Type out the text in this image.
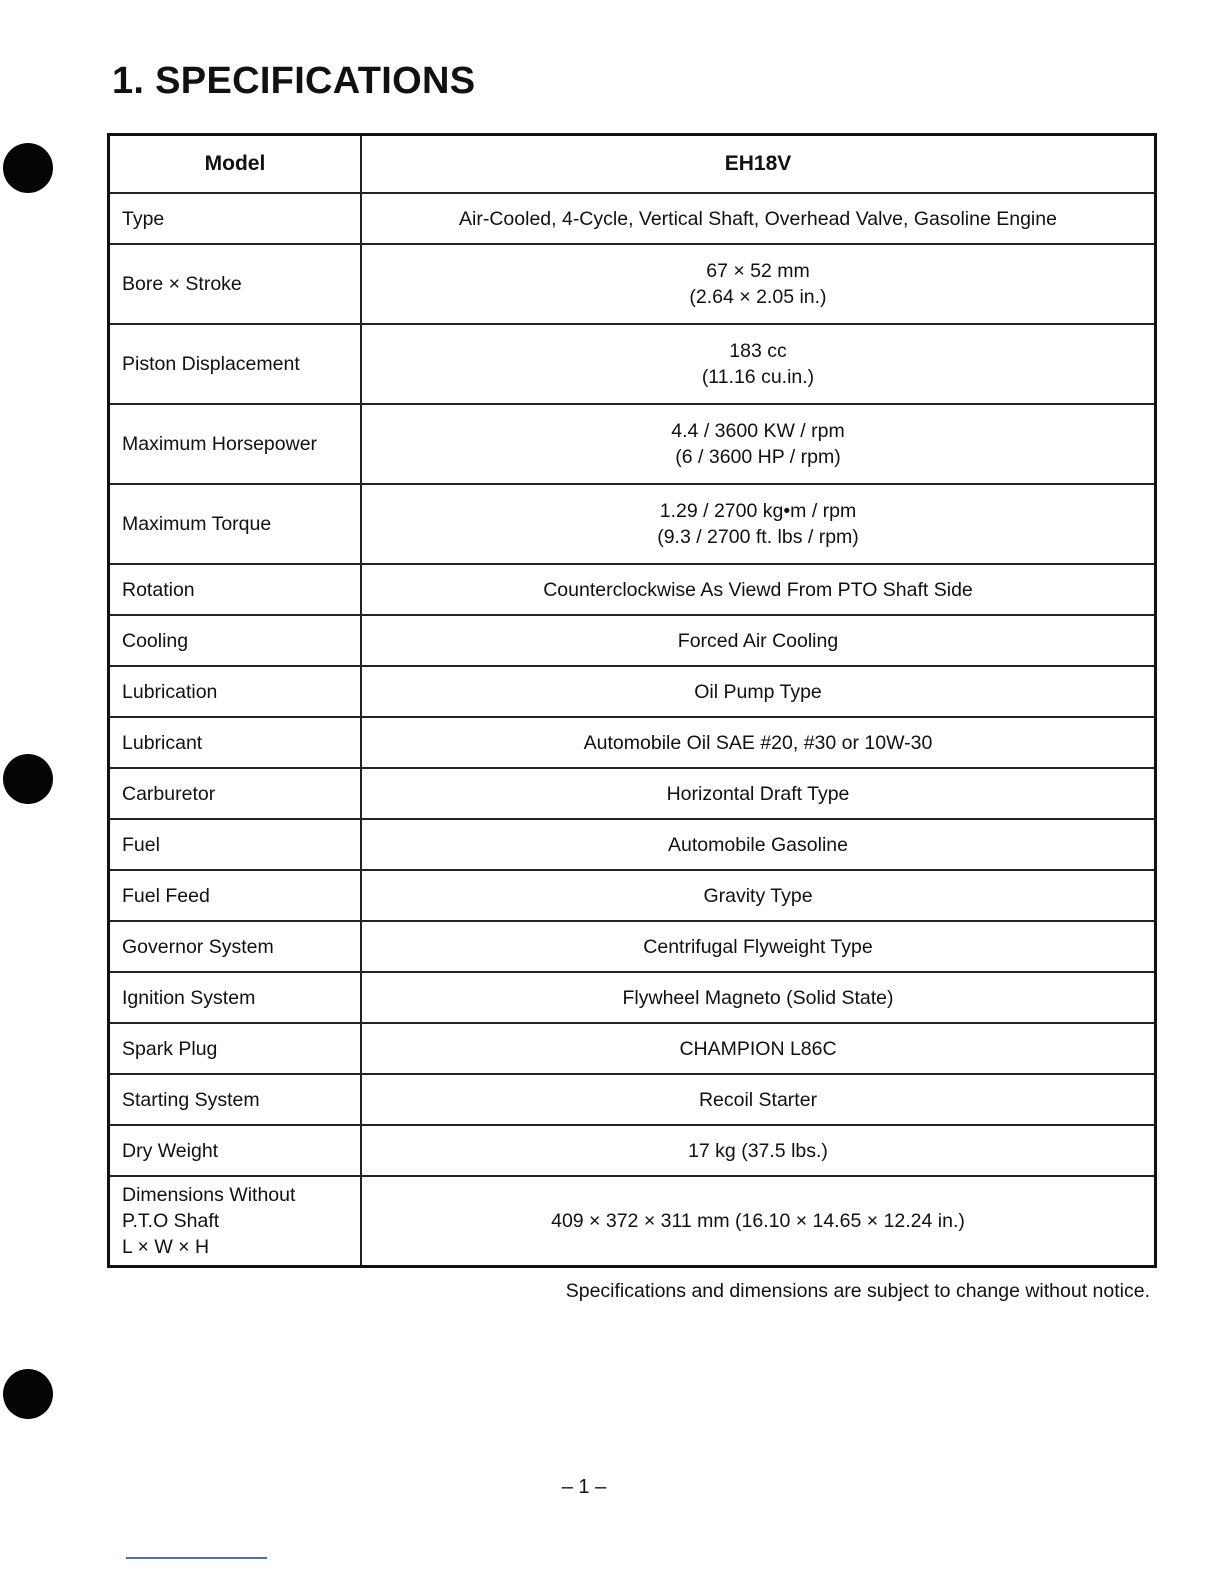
1. SPECIFICATIONS
Model	EH18V

Type	Air-Cooled, 4-Cycle, Vertical Shaft, Overhead Valve, Gasoline Engine

Bore × Stroke	67 × 52 mm
(2.64 × 2.05 in.)

Piston Displacement	183 cc
(11.16 cu.in.)

Maximum Horsepower	4.4 / 3600 KW / rpm
(6 / 3600 HP / rpm)

Maximum Torque	1.29 / 2700 kg•m / rpm
(9.3 / 2700 ft. lbs / rpm)

Rotation	Counterclockwise As Viewd From PTO Shaft Side

Cooling	Forced Air Cooling

Lubrication	Oil Pump Type

Lubricant	Automobile Oil SAE #20, #30 or 10W-30

Carburetor	Horizontal Draft Type

Fuel	Automobile Gasoline

Fuel Feed	Gravity Type

Governor System	Centrifugal Flyweight Type

Ignition System	Flywheel Magneto (Solid State)

Spark Plug	CHAMPION L86C

Starting System	Recoil Starter

Dry Weight	17 kg (37.5 lbs.)

Dimensions Without
P.T.O Shaft
L × W × H	409 × 372 × 311 mm (16.10 × 14.65 × 12.24 in.)

Specifications and dimensions are subject to change without notice.

– 1 –
